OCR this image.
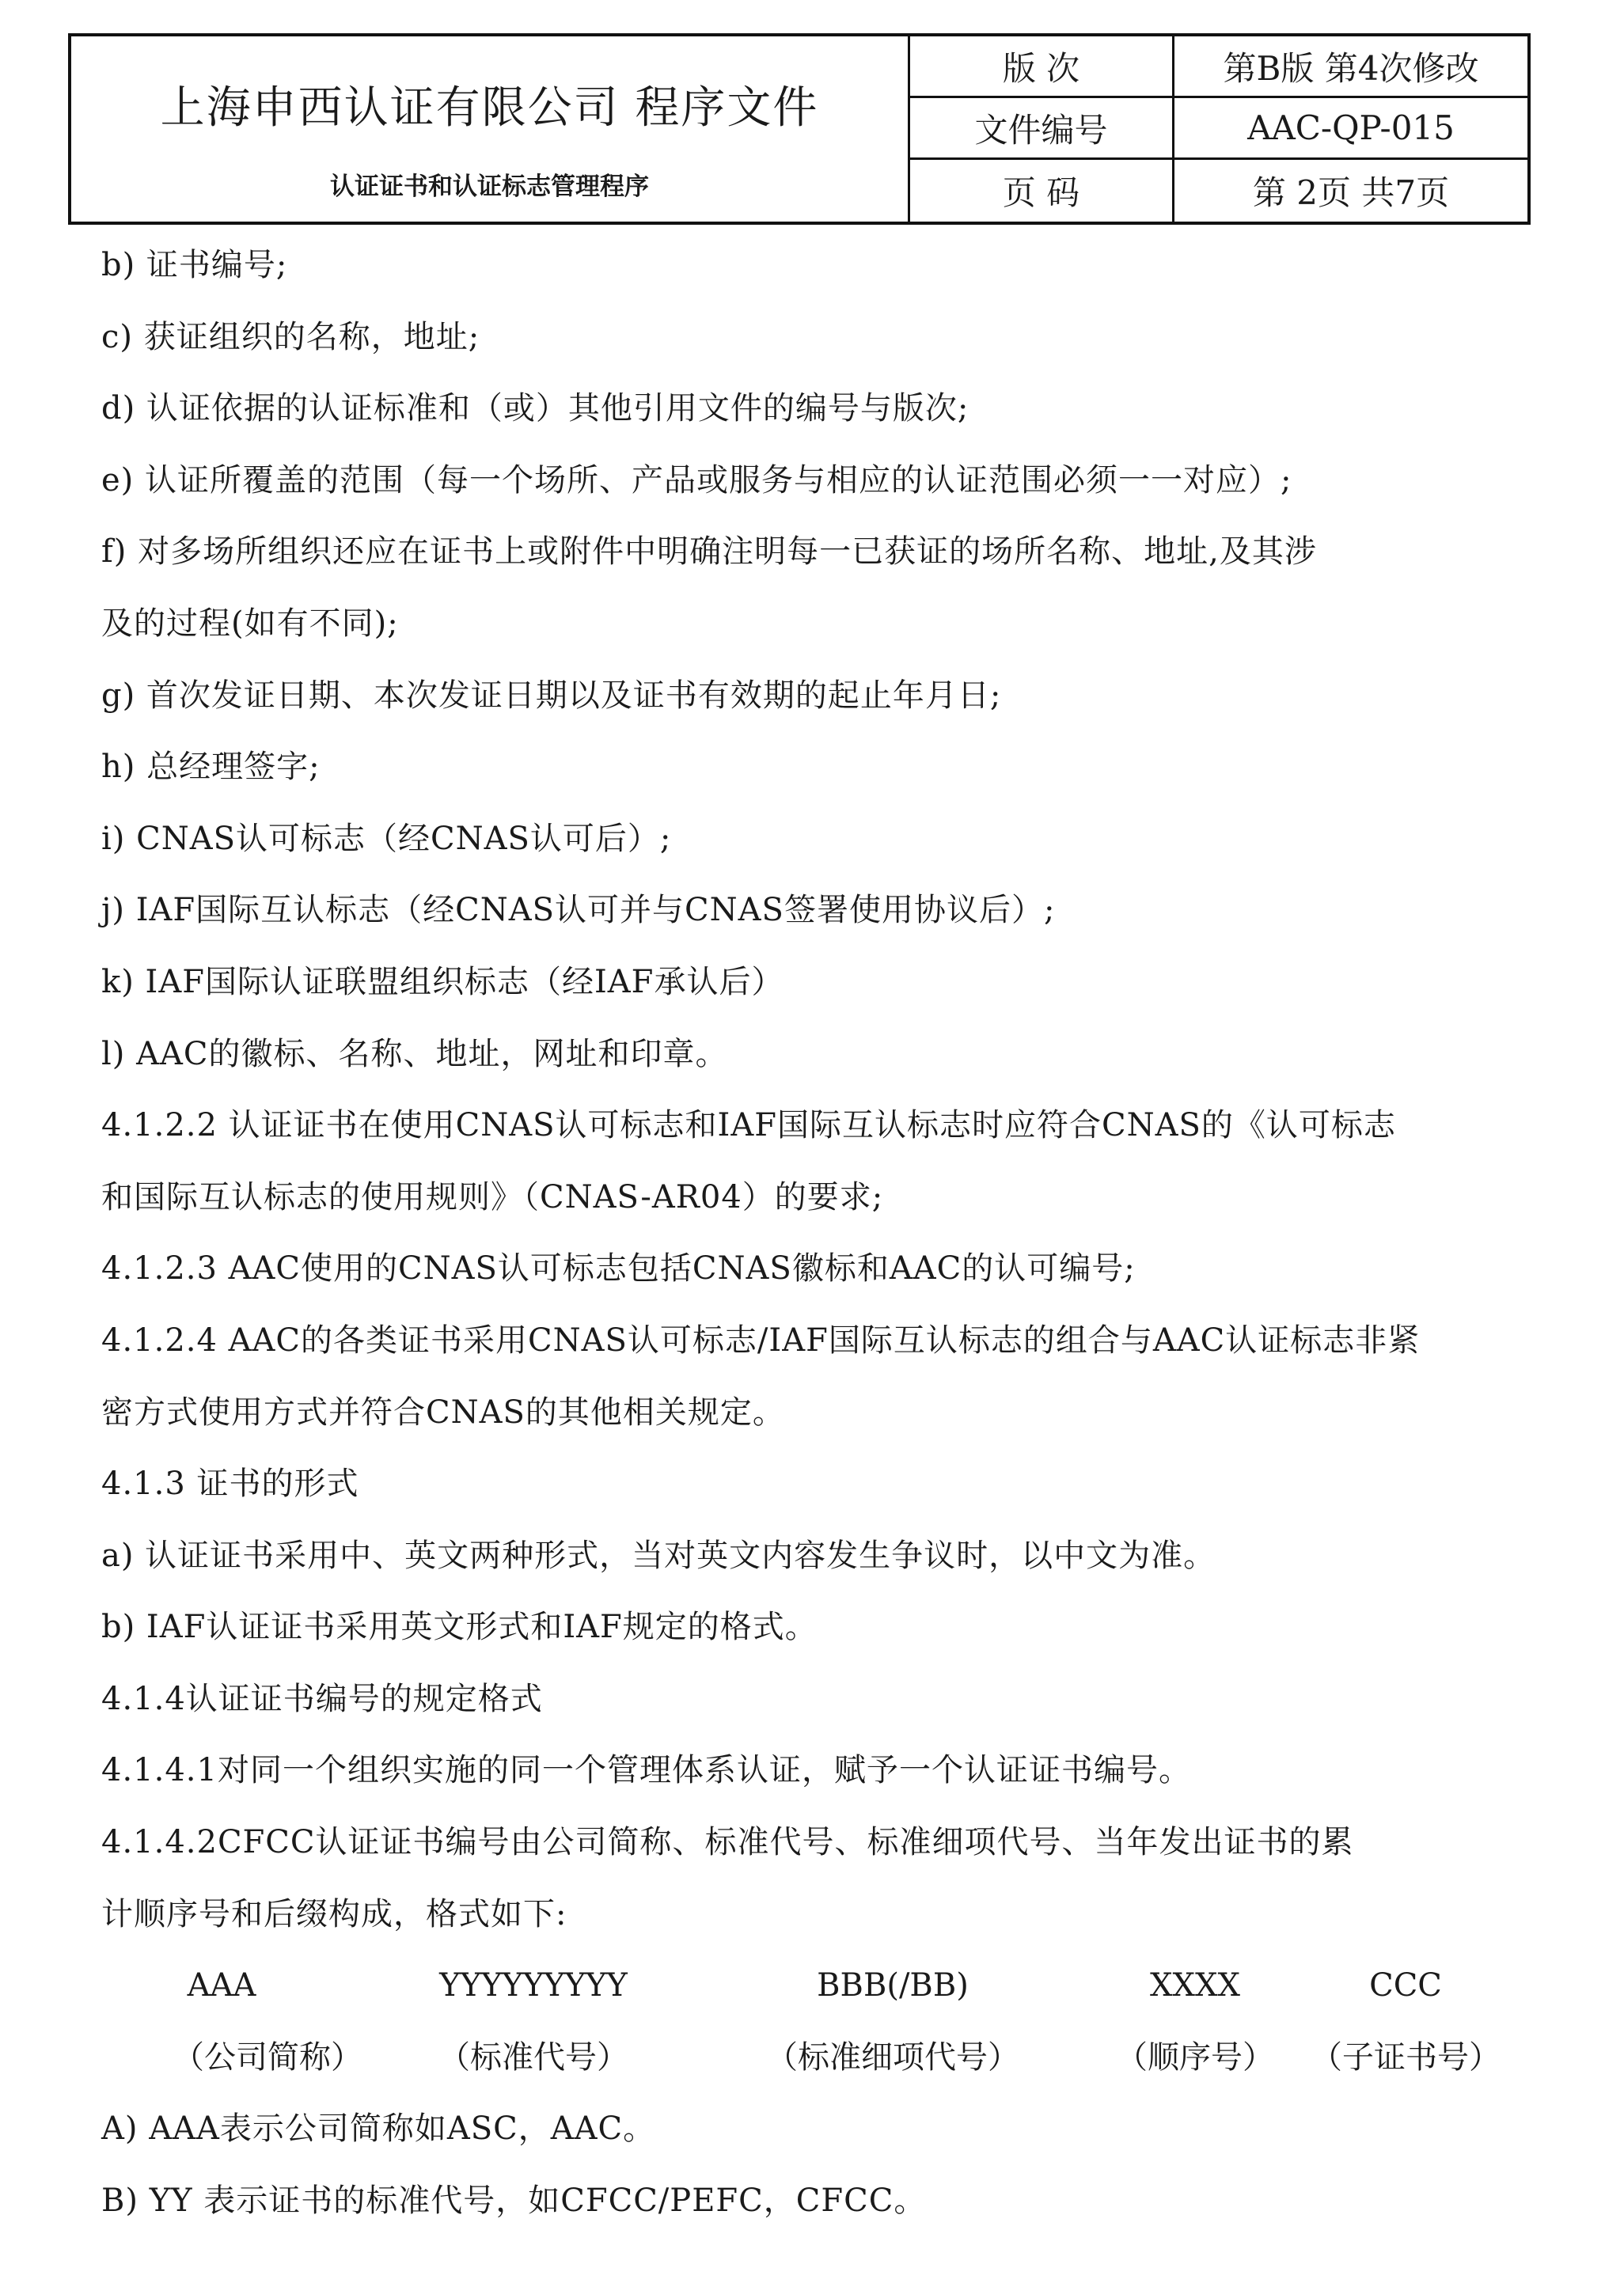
上海申西认证有限公司 程序文件
认证证书和认证标志管理程序
版 次	第B版 第4次修改
文件编号	AAC-QP-015
页 码	第 2页 共7页
b) 证书编号;
c) 获证组织的名称，地址;
d) 认证依据的认证标准和（或）其他引用文件的编号与版次;
e) 认证所覆盖的范围（每一个场所、产品或服务与相应的认证范围必须一一对应）;
f) 对多场所组织还应在证书上或附件中明确注明每一已获证的场所名称、地址,及其涉
及的过程(如有不同);
g) 首次发证日期、本次发证日期以及证书有效期的起止年月日;
h) 总经理签字;
i) CNAS认可标志（经CNAS认可后）;
j) IAF国际互认标志（经CNAS认可并与CNAS签署使用协议后）;
k) IAF国际认证联盟组织标志（经IAF承认后）
l) AAC的徽标、名称、地址，网址和印章。
4.1.2.2 认证证书在使用CNAS认可标志和IAF国际互认标志时应符合CNAS的《认可标志
和国际互认标志的使用规则》（CNAS-AR04）的要求;
4.1.2.3 AAC使用的CNAS认可标志包括CNAS徽标和AAC的认可编号;
4.1.2.4 AAC的各类证书采用CNAS认可标志/IAF国际互认标志的组合与AAC认证标志非紧
密方式使用方式并符合CNAS的其他相关规定。
4.1.3 证书的形式
a) 认证证书采用中、英文两种形式，当对英文内容发生争议时，以中文为准。
b) IAF认证证书采用英文形式和IAF规定的格式。
4.1.4认证证书编号的规定格式
4.1.4.1对同一个组织实施的同一个管理体系认证，赋予一个认证证书编号。
4.1.4.2CFCC认证证书编号由公司简称、标准代号、标准细项代号、当年发出证书的累
计顺序号和后缀构成，格式如下:
AAA	YYYYYYYYY	BBB(/BB)	XXXX	CCC
（公司简称） （标准代号）	（标准细项代号）	（顺序号） （子证书号）
A) AAA表示公司简称如ASC，AAC。
B) YY 表示证书的标准代号，如CFCC/PEFC，CFCC。
